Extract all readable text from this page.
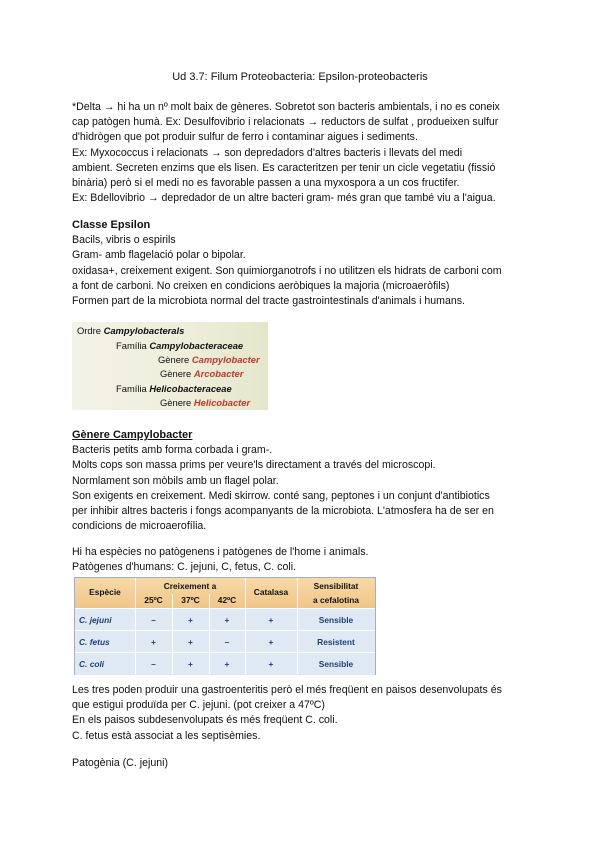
Ud 3.7: Filum Proteobacteria: Epsilon-proteobacteris

*Delta → hi ha un nº molt baix de gèneres. Sobretot son bacteris ambientals, i no es coneix

cap patògen humà. Ex: Desulfovibrio i relacionats → reductors de sulfat , produeixen sulfur

d'hidrògen que pot produir sulfur de ferro i contaminar aigues i sediments.

Ex: Myxococcus i relacionats → son depredadors d'altres bacteris i llevats del medi

ambient. Secreten enzims que els lisen. Es caracteritzen per tenir un cicle vegetatiu (fissió

binària) però si el medi no es favorable passen a una myxospora a un cos fructifer.

Ex: Bdellovibrio → depredador de un altre bacteri gram- més gran que també viu a l'aigua.

Classe Epsilon

Bacils, vibris o espirils

Gram- amb flagelació polar o bipolar.

oxidasa+, creixement exigent. Son quimiorganotrofs i no utilitzen els hidrats de carboni com

a font de carboni. No creixen en condicions aeròbiques la majoria (microaeròfils)

Formen part de la microbiota normal del tracte gastrointestinals d'animals i humans.

Ordre Campylobacterals
Família Campylobacteraceae
Gènere Campylobacter
Gènere Arcobacter
Família Helicobacteraceae
Gènere Helicobacter

Gènere Campylobacter

Bacteris petits amb forma corbada i gram-.

Molts cops son massa prims per veure'ls directament a través del microscopi.

Normlament son mòbils amb un flagel polar.

Son exigents en creixement. Medi skirrow. conté sang, peptones i un conjunt d'antibiotics

per inhibir altres bacteris i fongs acompanyants de la microbiota. L'atmosfera ha de ser en

condicions de microaerofília.

Hi ha espècies no patògenens i patògenes de l'home i animals.

Patògenes d'humans: C. jejuni, C, fetus, C. coli.

Espècie
Creixement a
25ºC	37ºC	42ºC
Catalasa
Sensibilitat
a cefalotina
C. jejuni	–	+	+	+	Sensible
C. fetus	+	+	–	+	Resistent
C. coli	–	+	+	+	Sensible

Les tres poden produir una gastroenteritis però el més freqüent en paisos desenvolupats és

que estigui produïda per C. jejuni. (pot creixer a 47ºC)

En els paisos subdesenvolupats és més freqüent C. coli.

C. fetus està associat a les septisèmies.

Patogènia (C. jejuni)
